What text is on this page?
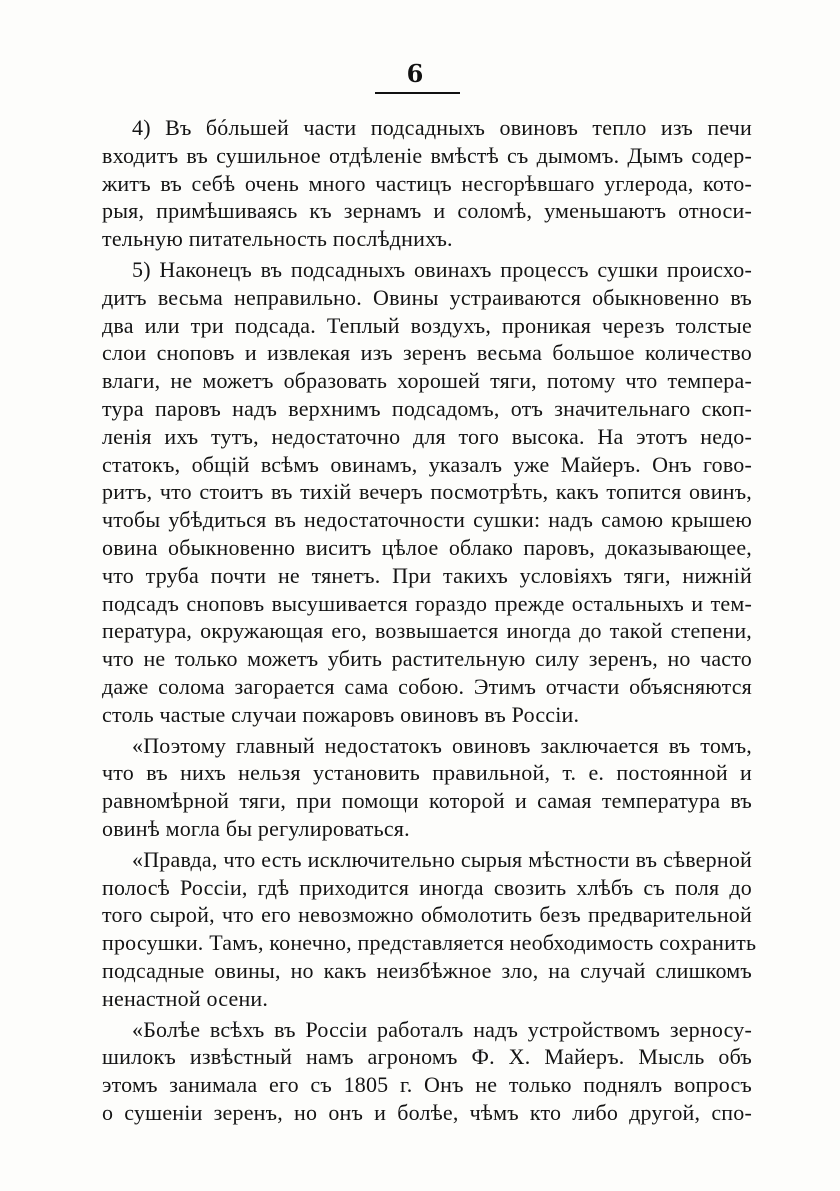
6
4) Въ бóльшей части подсадныхъ овиновъ тепло изъ печи
входитъ въ сушильное отдѣленіе вмѣстѣ съ дымомъ. Дымъ содер-
житъ въ себѣ очень много частицъ несгорѣвшаго углерода, кото-
рыя, примѣшиваясь къ зернамъ и соломѣ, уменьшаютъ относи-
тельную питательность послѣднихъ.
5) Наконецъ въ подсадныхъ овинахъ процессъ сушки происхо-
дитъ весьма неправильно. Овины устраиваются обыкновенно въ
два или три подсада. Теплый воздухъ, проникая черезъ толстые
слои сноповъ и извлекая изъ зеренъ весьма большое количество
влаги, не можетъ образовать хорошей тяги, потому что темпера-
тура паровъ надъ верхнимъ подсадомъ, отъ значительнаго скоп-
ленія ихъ тутъ, недостаточно для того высока. На этотъ недо-
статокъ, общій всѣмъ овинамъ, указалъ уже Майеръ. Онъ гово-
ритъ, что стоитъ въ тихій вечеръ посмотрѣть, какъ топится овинъ,
чтобы убѣдиться въ недостаточности сушки: надъ самою крышею
овина обыкновенно виситъ цѣлое облако паровъ, доказывающее,
что труба почти не тянетъ. При такихъ условіяхъ тяги, нижній
подсадъ сноповъ высушивается гораздо прежде остальныхъ и тем-
пература, окружающая его, возвышается иногда до такой степени,
что не только можетъ убить растительную силу зеренъ, но часто
даже солома загорается сама собою. Этимъ отчасти объясняются
столь частые случаи пожаровъ овиновъ въ Россіи.
«Поэтому главный недостатокъ овиновъ заключается въ томъ,
что въ нихъ нельзя установить правильной, т. е. постоянной и
равномѣрной тяги, при помощи которой и самая температура въ
овинѣ могла бы регулироваться.
«Правда, что есть исключительно сырыя мѣстности въ сѣверной
полосѣ Россіи, гдѣ приходится иногда свозить хлѣбъ съ поля до
того сырой, что его невозможно обмолотить безъ предварительной
просушки. Тамъ, конечно, представляется необходимость сохранить
подсадные овины, но какъ неизбѣжное зло, на случай слишкомъ
ненастной осени.
«Болѣе всѣхъ въ Россіи работалъ надъ устройствомъ зерносу-
шилокъ извѣстный намъ агрономъ Ф. Х. Майеръ. Мысль объ
этомъ занимала его съ 1805 г. Онъ не только поднялъ вопросъ
о сушеніи зеренъ, но онъ и болѣе, чѣмъ кто либо другой, спо-
